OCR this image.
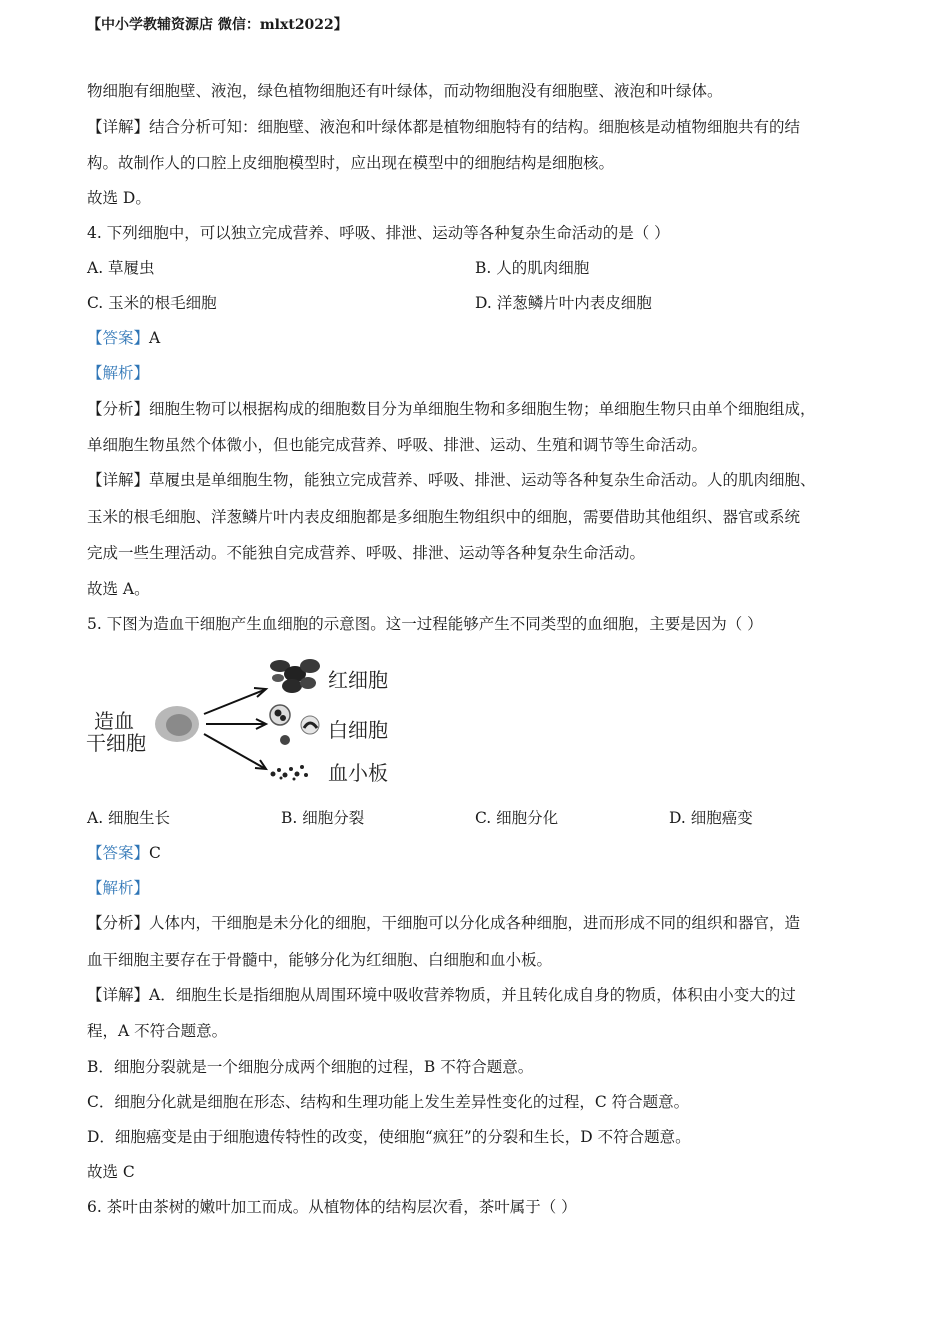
【中小学教辅资源店 微信：mlxt2022】
物细胞有细胞壁、液泡，绿色植物细胞还有叶绿体，而动物细胞没有细胞壁、液泡和叶绿体。
【详解】结合分析可知：细胞壁、液泡和叶绿体都是植物细胞特有的结构。细胞核是动植物细胞共有的结
构。故制作人的口腔上皮细胞模型时，应出现在模型中的细胞结构是细胞核。
故选 D。
4. 下列细胞中，可以独立完成营养、呼吸、排泄、运动等各种复杂生命活动的是（ ）
A. 草履虫	B. 人的肌肉细胞
C. 玉米的根毛细胞	D. 洋葱鳞片叶内表皮细胞
【答案】A
【解析】
【分析】细胞生物可以根据构成的细胞数目分为单细胞生物和多细胞生物；单细胞生物只由单个细胞组成，
单细胞生物虽然个体微小，但也能完成营养、呼吸、排泄、运动、生殖和调节等生命活动。
【详解】草履虫是单细胞生物，能独立完成营养、呼吸、排泄、运动等各种复杂生命活动。人的肌肉细胞、
玉米的根毛细胞、洋葱鳞片叶内表皮细胞都是多细胞生物组织中的细胞，需要借助其他组织、器官或系统
完成一些生理活动。不能独自完成营养、呼吸、排泄、运动等各种复杂生命活动。
故选 A。
5. 下图为造血干细胞产生血细胞的示意图。这一过程能够产生不同类型的血细胞，主要是因为（ ）
造血
干细胞
红细胞
白细胞
血小板
A. 细胞生长	B. 细胞分裂	C. 细胞分化	D. 细胞癌变
【答案】C
【解析】
【分析】人体内，干细胞是未分化的细胞，干细胞可以分化成各种细胞，进而形成不同的组织和器官，造
血干细胞主要存在于骨髓中，能够分化为红细胞、白细胞和血小板。
【详解】A．细胞生长是指细胞从周围环境中吸收营养物质，并且转化成自身的物质，体积由小变大的过
程，A 不符合题意。
B．细胞分裂就是一个细胞分成两个细胞的过程，B 不符合题意。
C．细胞分化就是细胞在形态、结构和生理功能上发生差异性变化的过程，C 符合题意。
D．细胞癌变是由于细胞遗传特性的改变，使细胞“疯狂”的分裂和生长，D 不符合题意。
故选 C
6. 茶叶由茶树的嫩叶加工而成。从植物体的结构层次看，茶叶属于（ ）
